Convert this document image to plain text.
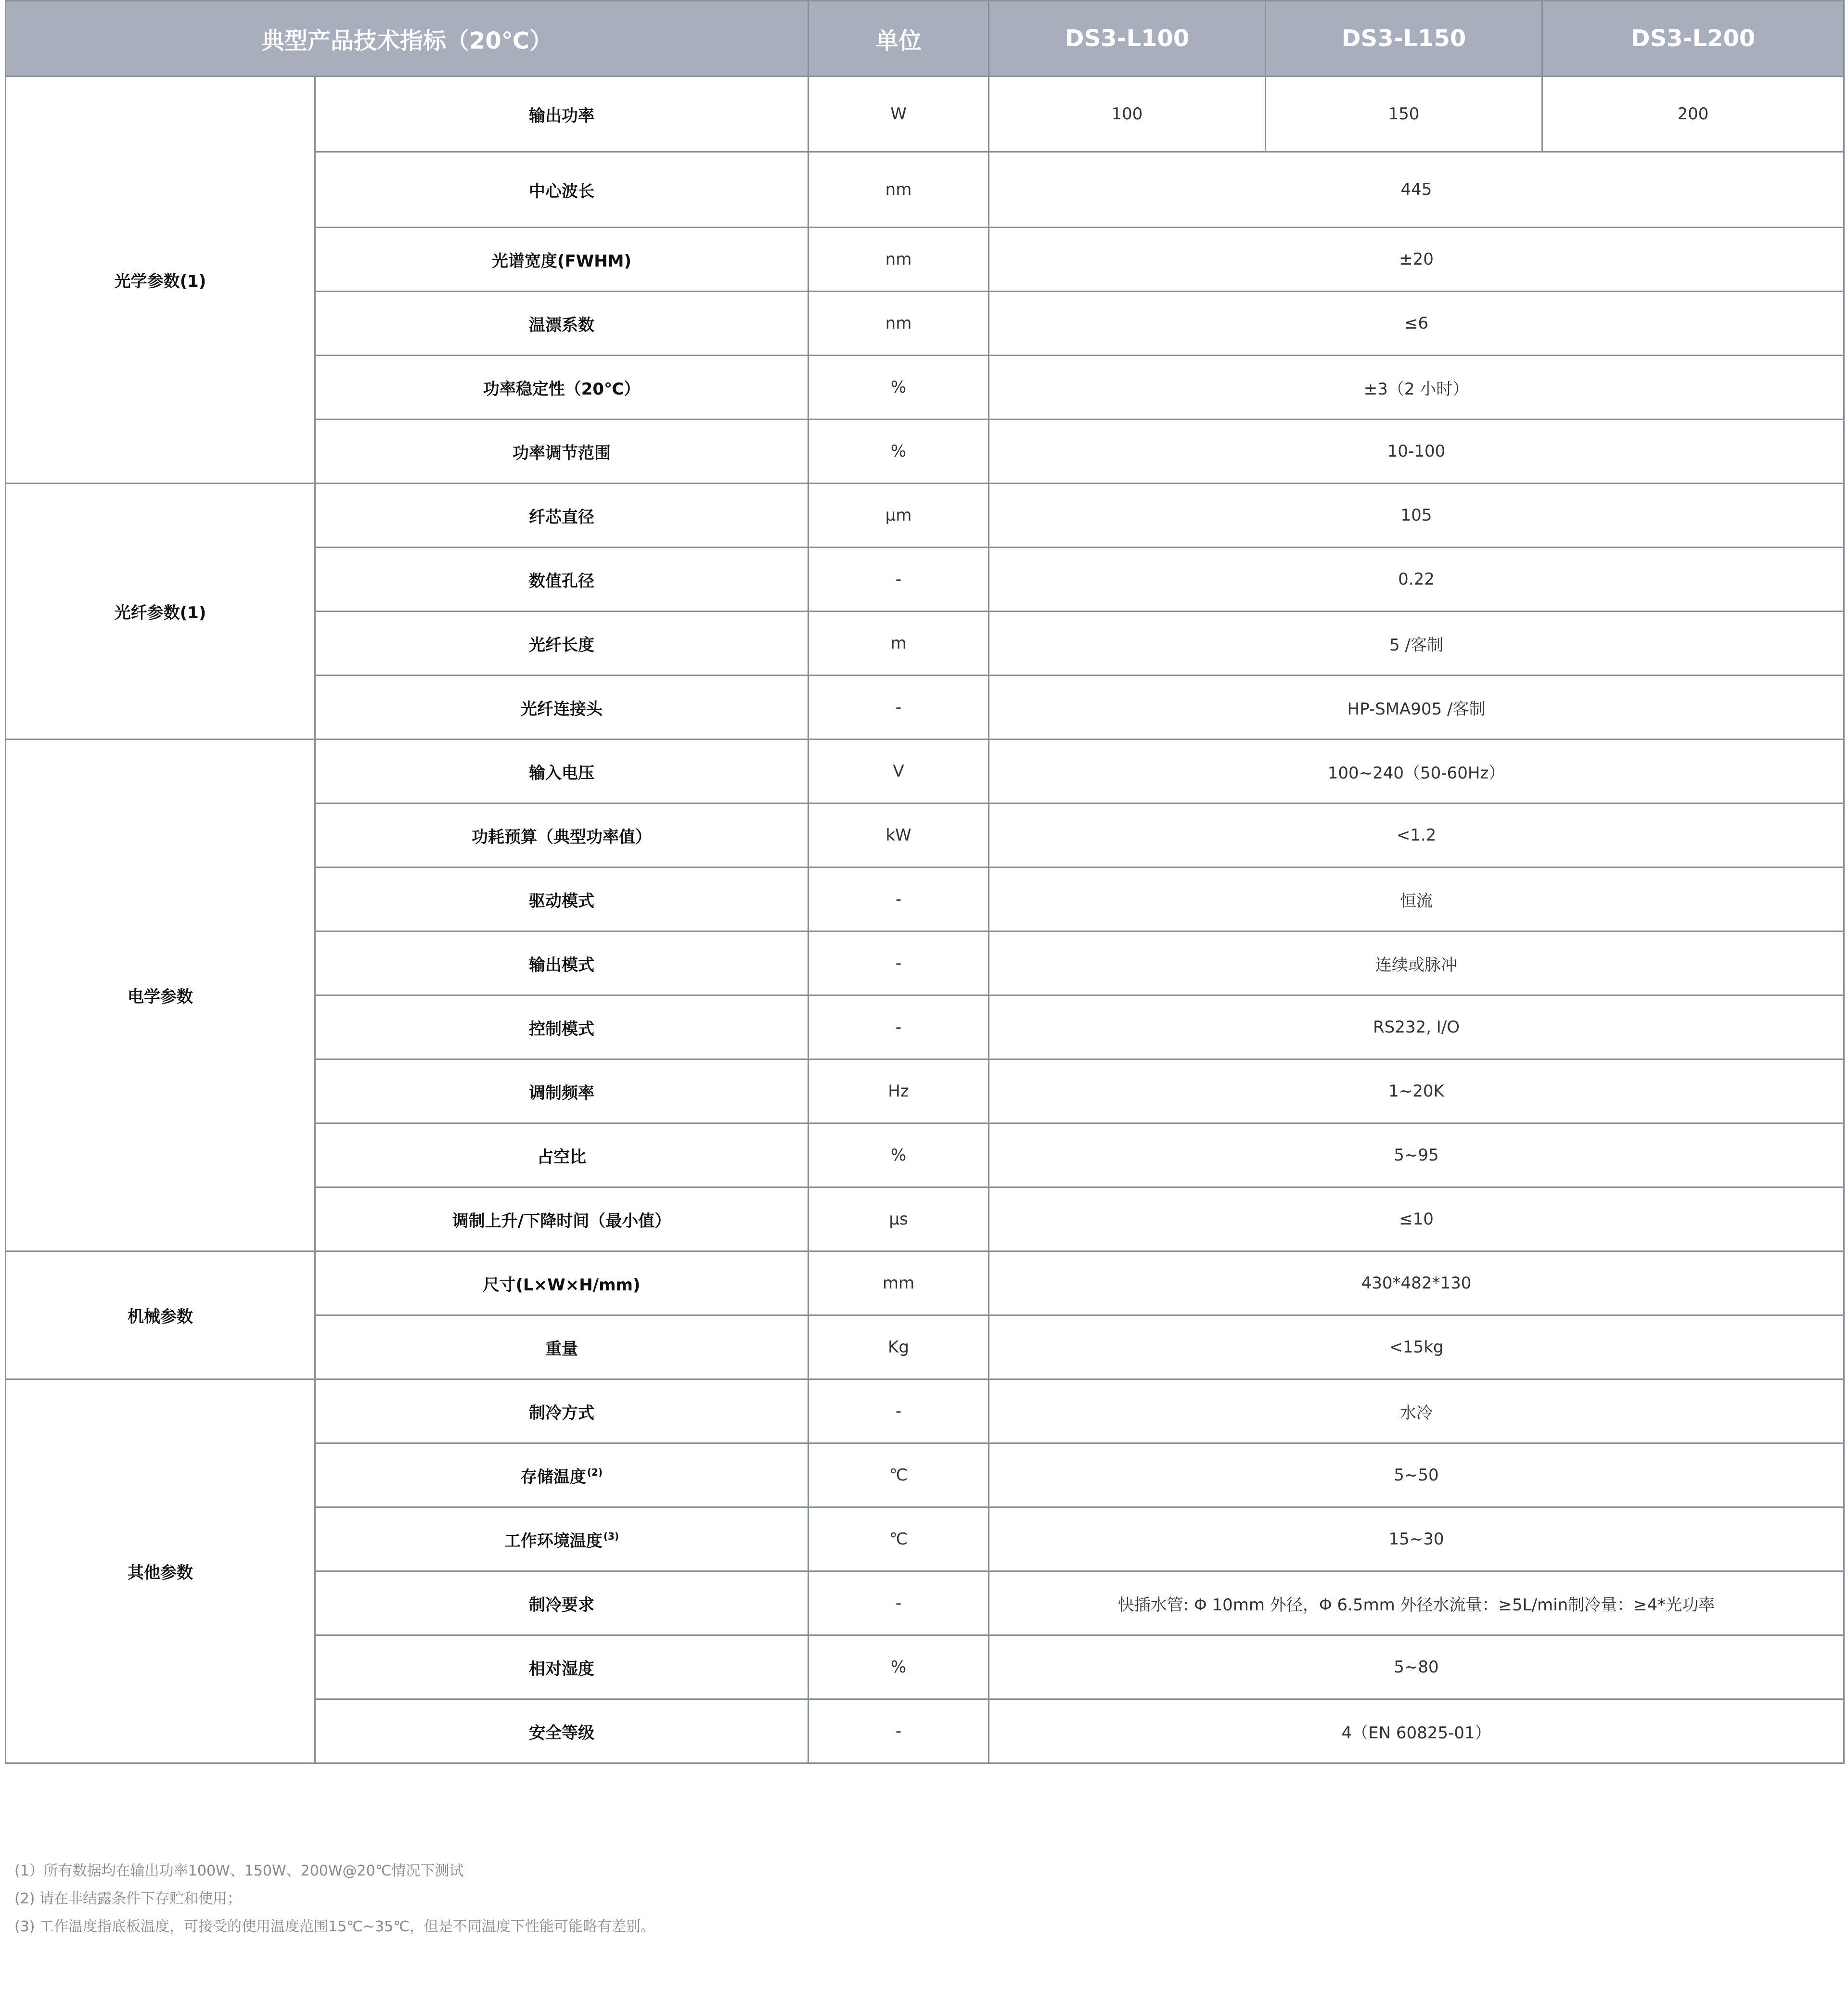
典型产品技术指标（20℃）		单位	DS3-L100	DS3-L150	DS3-L200
光学参数(1)	输出功率	W	100	150	200
	中心波长	nm	445		
	光谱宽度(FWHM)	nm	±20		
	温漂系数	nm	≤6		
	功率稳定性（20℃）	%	±3（2 小时）		
	功率调节范围	%	10-100		
光纤参数(1)	纤芯直径	μm	105		
	数值孔径	-	0.22		
	光纤长度	m	5 /客制		
	光纤连接头	-	HP-SMA905 /客制		
电学参数	输入电压	V	100~240（50-60Hz）		
	功耗预算（典型功率值）	kW	<1.2		
	驱动模式	-	恒流		
	输出模式	-	连续或脉冲		
	控制模式	-	RS232, I/O		
	调制频率	Hz	1~20K		
	占空比	%	5~95		
	调制上升/下降时间（最小值）	μs	≤10		
机械参数	尺寸(L×W×H/mm)	mm	430*482*130		
	重量	Kg	<15kg		
其他参数	制冷方式	-	水冷		
	存储温度 $^{(2)}$	℃	5~50		
	工作环境温度 $^{(3)}$	℃	15~30		
	制冷要求	-	快插水管: Φ 10mm 外径，Φ 6.5mm 外径水流量：≥5L/min制冷量：≥4*光功率		
	相对湿度	%	5~80		
	安全等级	-	4（EN 60825-01）		
(1）所有数据均在输出功率100W、150W、200W@20℃情况下测试
(2) 请在非结露条件下存贮和使用；
(3) 工作温度指底板温度，可接受的使用温度范围15℃~35℃，但是不同温度下性能可能略有差别。
